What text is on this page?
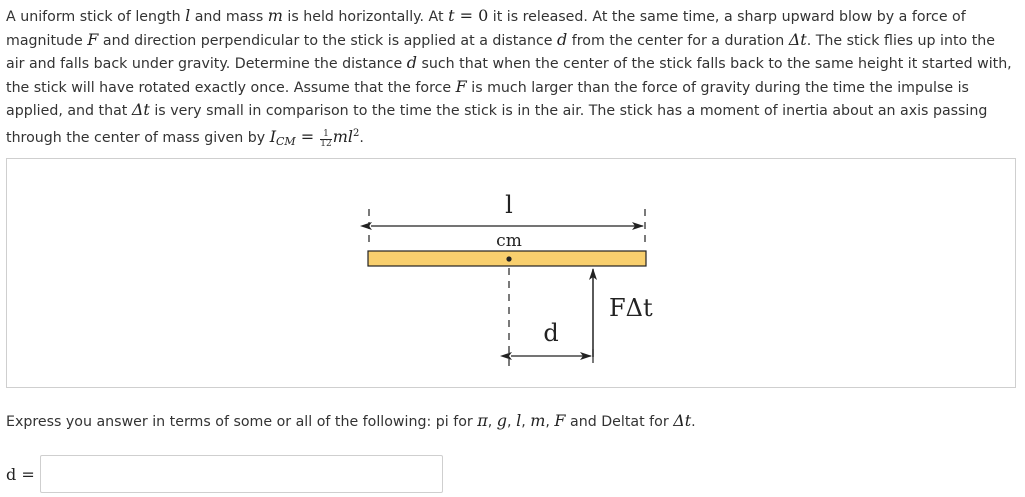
A uniform stick of length l and mass m is held horizontally. At t = 0 it is released. At the same time, a sharp upward blow by a force of magnitude F and direction perpendicular to the stick is applied at a distance d from the center for a duration Δt. The stick flies up into the air and falls back under gravity. Determine the distance d such that when the center of the stick falls back to the same height it started with, the stick will have rotated exactly once. Assume that the force F is much larger than the force of gravity during the time the impulse is applied, and that Δt is very small in comparison to the time the stick is in the air. The stick has a moment of inertia about an axis passing through the center of mass given by $I_{CM} = \frac{1}{12} ml^2$.

l
cm
FΔt
d

Express you answer in terms of some or all of the following: pi for π, g, l, m, F and Deltat for Δt.

d =
